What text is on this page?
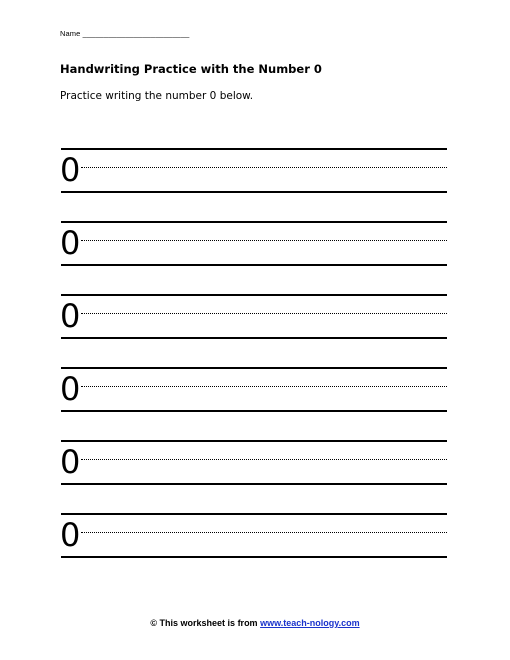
Name _________________________
Handwriting Practice with the Number 0
Practice writing the number 0 below.
0
0
0
0
0
0
© This worksheet is from www.teach-nology.com
